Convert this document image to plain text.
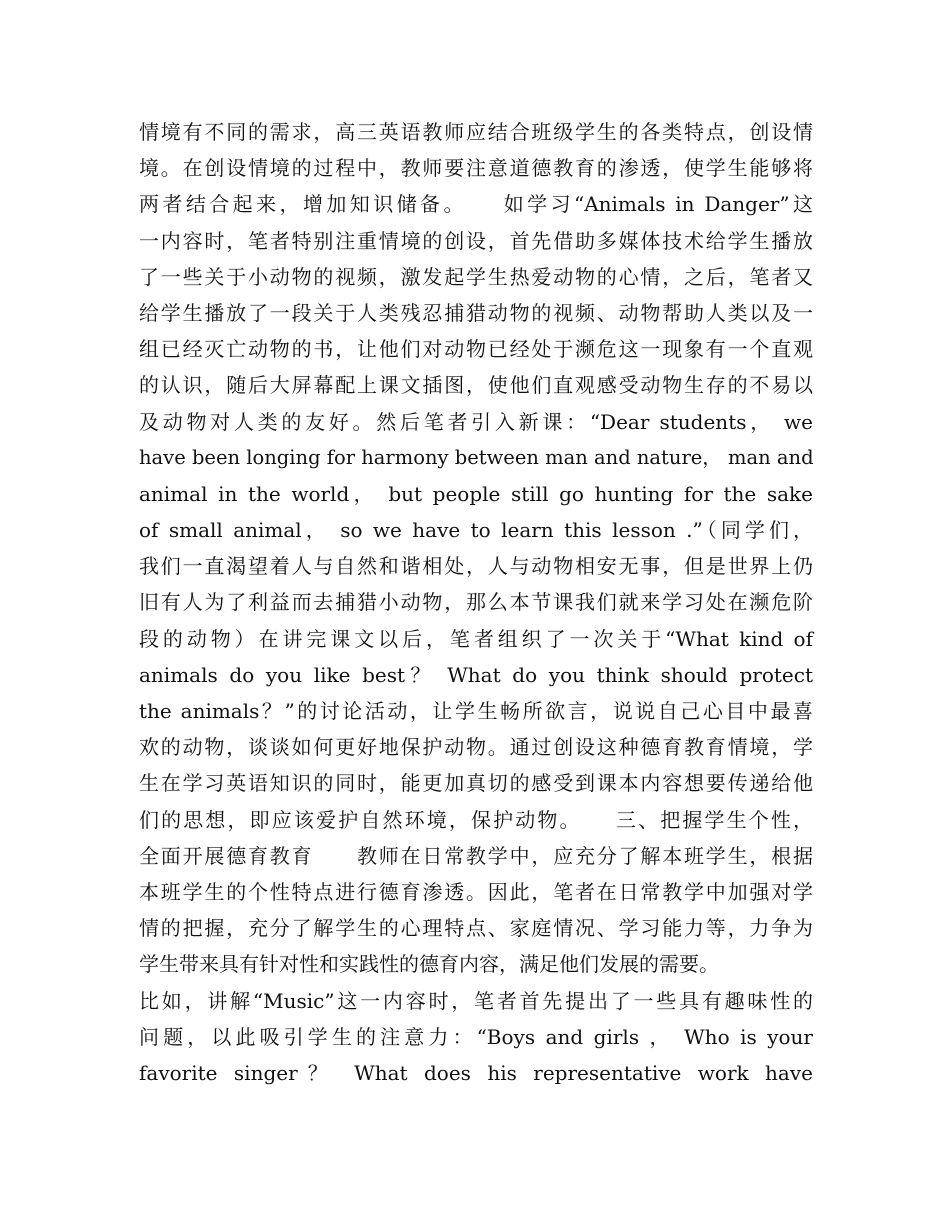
情境有不同的需求，高三英语教师应结合班级学生的各类特点，创设情
境。在创设情境的过程中，教师要注意道德教育的渗透，使学生能够将
两者结合起来，增加知识储备。　　如学习“Animals in Danger”这
一内容时，笔者特别注重情境的创设，首先借助多媒体技术给学生播放
了一些关于小动物的视频，激发起学生热爱动物的心情，之后，笔者又
给学生播放了一段关于人类残忍捕猎动物的视频、动物帮助人类以及一
组已经灭亡动物的书，让他们对动物已经处于濒危这一现象有一个直观
的认识，随后大屏幕配上课文插图，使他们直观感受动物生存的不易以
及动物对人类的友好。然后笔者引入新课：“Dear students， we
have been longing for harmony between man and nature， man and
animal in the world， but people still go hunting for the sake
of small animal， so we have to learn this lesson .”（同学们，
我们一直渴望着人与自然和谐相处，人与动物相安无事，但是世界上仍
旧有人为了利益而去捕猎小动物，那么本节课我们就来学习处在濒危阶
段的动物）在讲完课文以后，笔者组织了一次关于“What kind of
animals do you like best？ What do you think should protect
the animals？”的讨论活动，让学生畅所欲言，说说自己心目中最喜
欢的动物，谈谈如何更好地保护动物。通过创设这种德育教育情境，学
生在学习英语知识的同时，能更加真切的感受到课本内容想要传递给他
们的思想，即应该爱护自然环境，保护动物。　　三、把握学生个性，
全面开展德育教育　　教师在日常教学中，应充分了解本班学生，根据
本班学生的个性特点进行德育渗透。因此，笔者在日常教学中加强对学
情的把握，充分了解学生的心理特点、家庭情况、学习能力等，力争为
学生带来具有针对性和实践性的德育内容，满足他们发展的需要。
比如，讲解“Music”这一内容时，笔者首先提出了一些具有趣味性的
问题，以此吸引学生的注意力：“Boys and girls ， Who is your
favorite singer？ What does his representative work have
